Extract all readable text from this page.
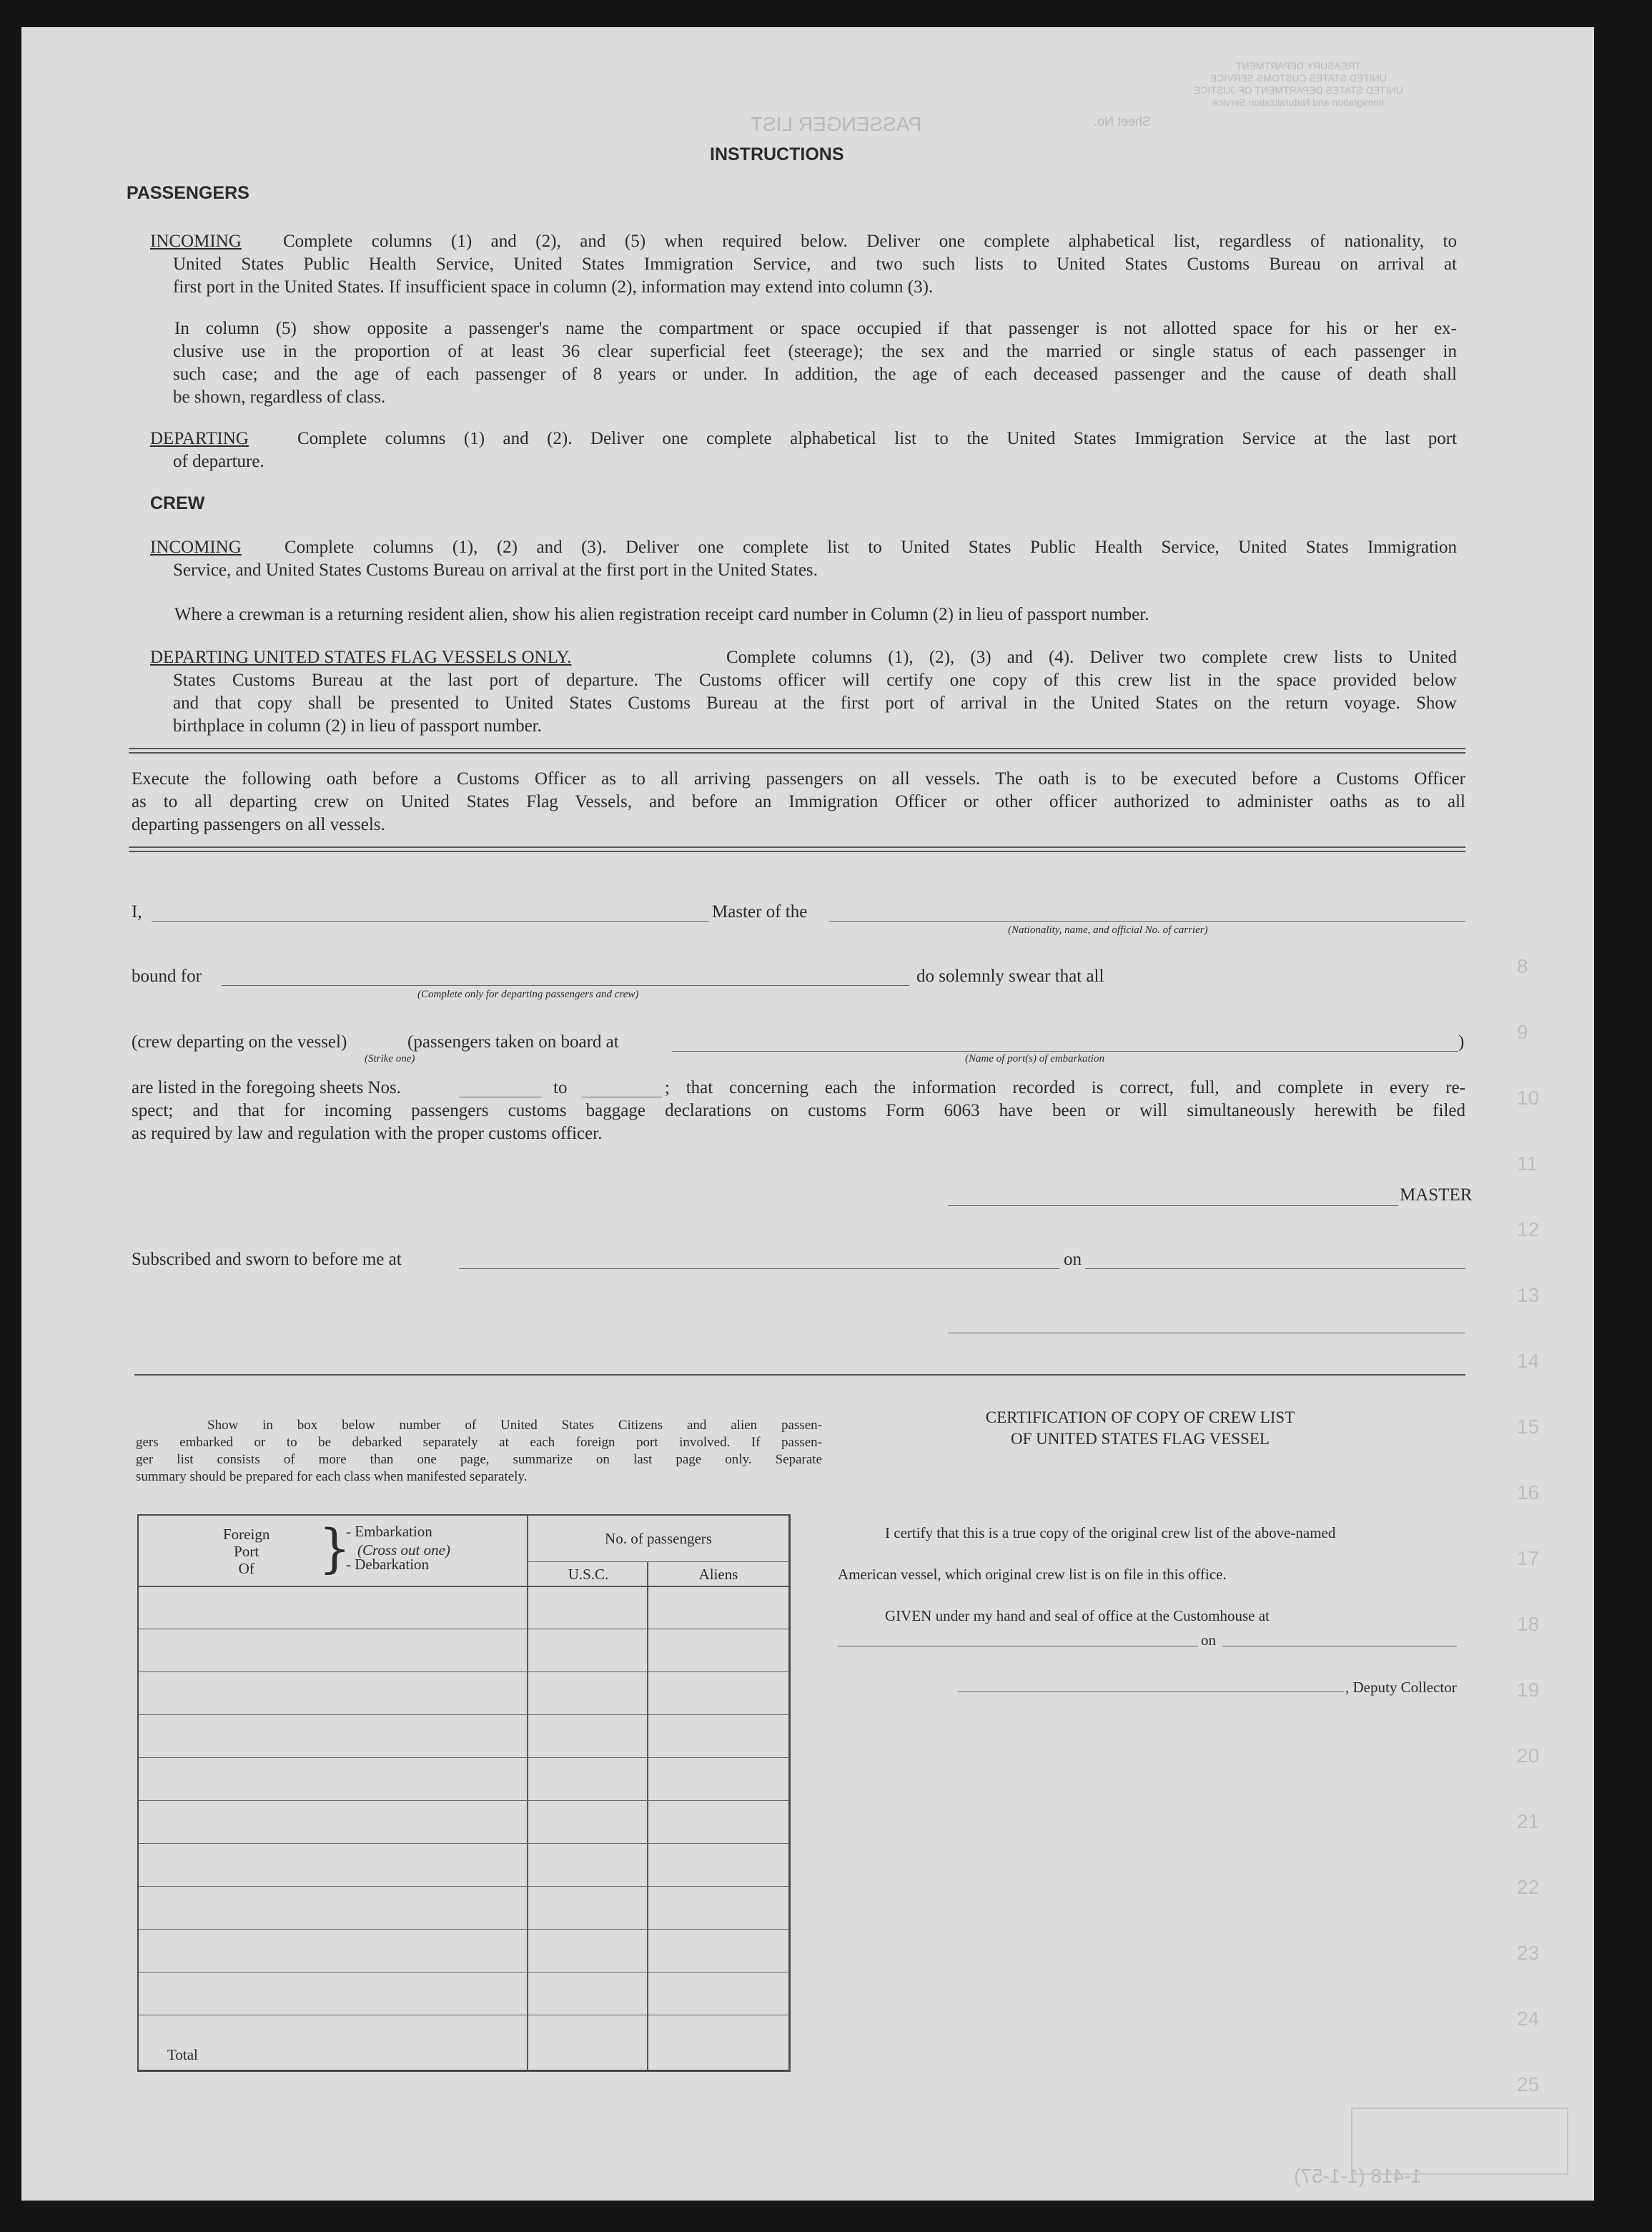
TREASURY DEPARTMENT
UNITED STATES CUSTOMS SERVICE
UNITED STATES DEPARTMENT OF JUSTICE
Immigration and Naturalization Service
PASSENGER LIST	Sheet No.
1-418 (1-1-57)
8
9
10
11
12
13
14
15
16
17
18
19
20
21
22
23
24
25
INSTRUCTIONS
PASSENGERS
INCOMING Complete columns (1) and (2), and (5) when required below. Deliver one complete alphabetical list, regardless of nationality, to
United States Public Health Service, United States Immigration Service, and two such lists to United States Customs Bureau on arrival at
first port in the United States. If insufficient space in column (2), information may extend into column (3).
In column (5) show opposite a passenger's name the compartment or space occupied if that passenger is not allotted space for his or her ex-
clusive use in the proportion of at least 36 clear superficial feet (steerage); the sex and the married or single status of each passenger in
such case; and the age of each passenger of 8 years or under. In addition, the age of each deceased passenger and the cause of death shall
be shown, regardless of class.
DEPARTING	Complete columns (1) and (2). Deliver one complete alphabetical list to the United States Immigration Service at the last port
of departure.
CREW
INCOMING Complete columns (1), (2) and (3). Deliver one complete list to United States Public Health Service, United States Immigration
Service, and United States Customs Bureau on arrival at the first port in the United States.
Where a crewman is a returning resident alien, show his alien registration receipt card number in Column (2) in lieu of passport number.
DEPARTING UNITED STATES FLAG VESSELS ONLY.	Complete columns (1), (2), (3) and (4). Deliver two complete crew lists to United
States Customs Bureau at the last port of departure. The Customs officer will certify one copy of this crew list in the space provided below
and that copy shall be presented to United States Customs Bureau at the first port of arrival in the United States on the return voyage. Show
birthplace in column (2) in lieu of passport number.
Execute the following oath before a Customs Officer as to all arriving passengers on all vessels. The oath is to be executed before a Customs Officer
as to all departing crew on United States Flag Vessels, and before an Immigration Officer or other officer authorized to administer oaths as to all
departing passengers on all vessels.
I,	Master of the
(Nationality, name, and official No. of carrier)
bound for
(Complete only for departing passengers and crew)
do solemnly swear that all
(crew departing on the vessel)
(Strike one)
(passengers taken on board at	)
(Name of port(s) of embarkation
are listed in the foregoing sheets Nos.	to	; that concerning each the information recorded is correct, full, and complete in every re-
spect; and that for incoming passengers customs baggage declarations on customs Form 6063 have been or will simultaneously herewith be filed
as required by law and regulation with the proper customs officer.
MASTER
Subscribed and sworn to before me at	on
Show in box below number of United States Citizens and alien passen-
gers embarked or to be debarked separately at each foreign port involved. If passen-
ger list consists of more than one page, summarize on last page only. Separate
summary should be prepared for each class when manifested separately.
Foreign
Port
Of	}
- Embarkation
(Cross out one)
- Debarkation
No. of passengers
U.S.C.	Aliens
Total
CERTIFICATION OF COPY OF CREW LIST
OF UNITED STATES FLAG VESSEL
I certify that this is a true copy of the original crew list of the above-named
American vessel, which original crew list is on file in this office.
GIVEN under my hand and seal of office at the Customhouse at
on
, Deputy Collector
